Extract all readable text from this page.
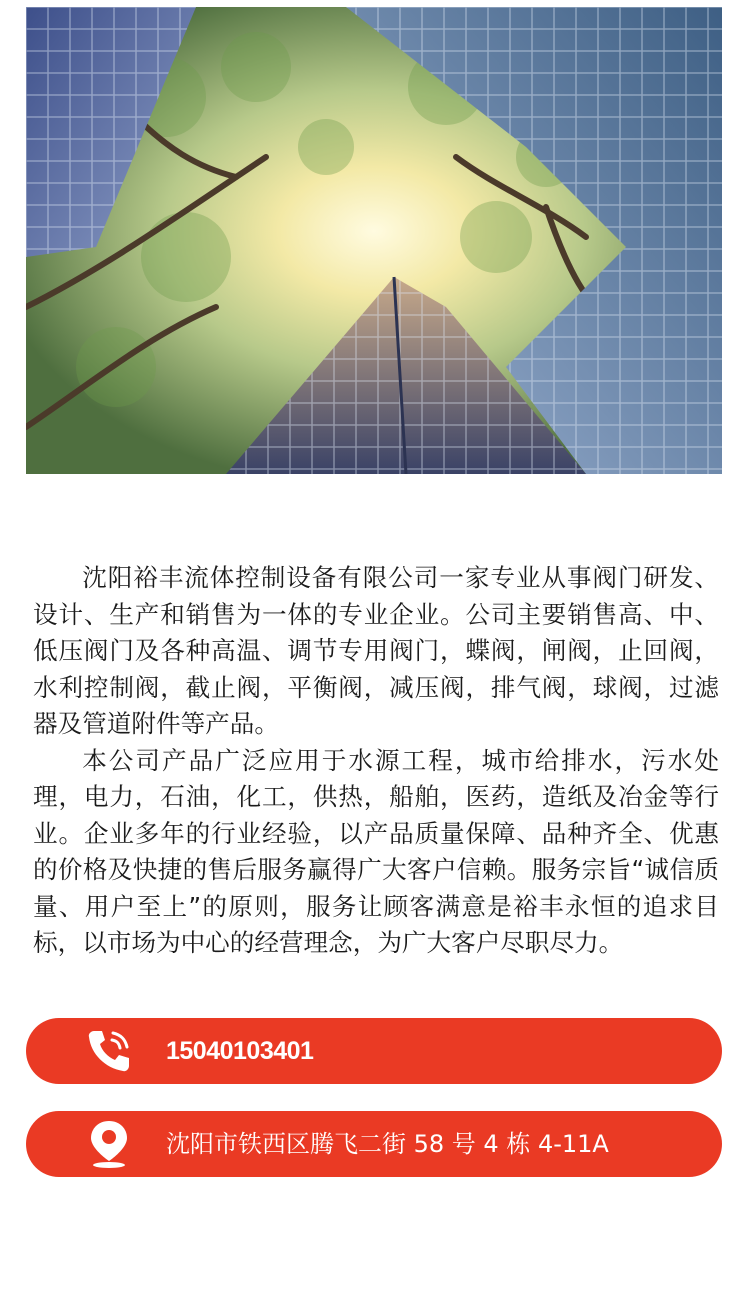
沈阳裕丰流体控制设备有限公司一家专业从事阀门研发、设计、生产和销售为一体的专业企业。公司主要销售高、中、低压阀门及各种高温、调节专用阀门，蝶阀，闸阀，止回阀，水利控制阀，截止阀，平衡阀，减压阀，排气阀，球阀，过滤器及管道附件等产品。

本公司产品广泛应用于水源工程，城市给排水，污水处理，电力，石油，化工，供热，船舶，医药，造纸及冶金等行业。企业多年的行业经验，以产品质量保障、品种齐全、优惠的价格及快捷的售后服务赢得广大客户信赖。服务宗旨“诚信质量、用户至上”的原则，服务让顾客满意是裕丰永恒的追求目标，以市场为中心的经营理念，为广大客户尽职尽力。

15040103401
沈阳市铁西区腾飞二街 58 号 4 栋 4-11A
